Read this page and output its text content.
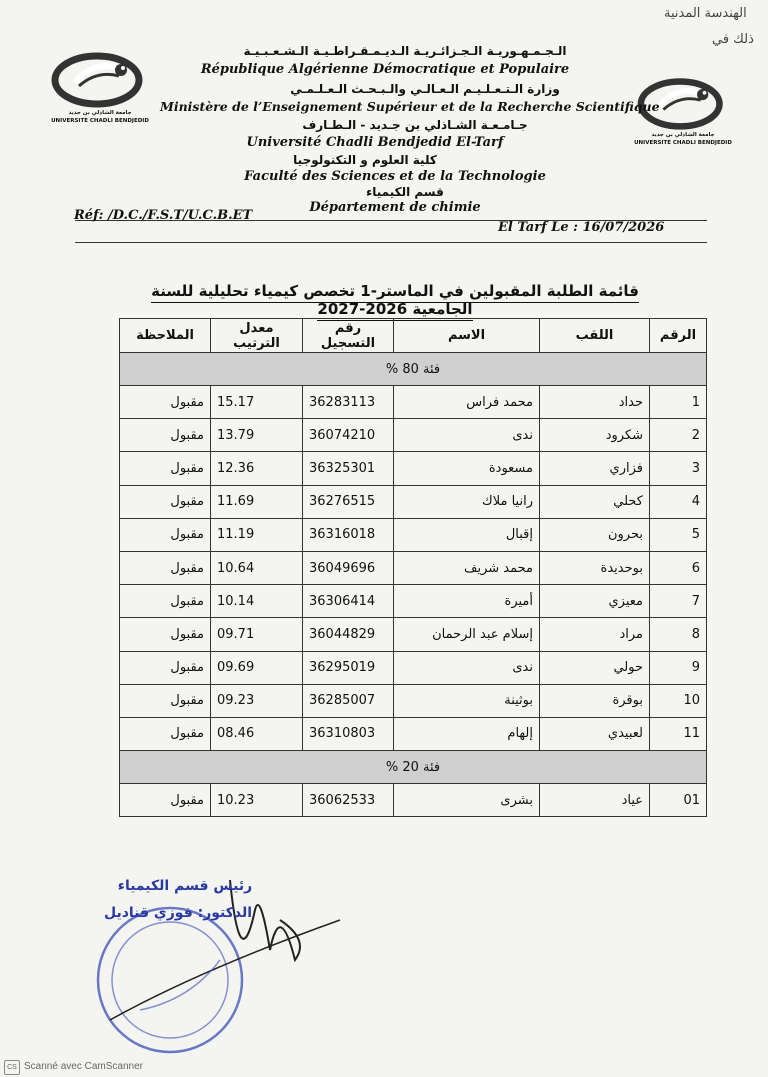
الهندسة المدنية
ذلك في
جامعة الشاذلي بن جديد
UNIVERSITE CHADLI BENDJEDID
جامعة الشاذلي بن جديد
UNIVERSITE CHADLI BENDJEDID
الـجـمـهـوريـة الـجـزائـريـة الـديـمـقـراطـيـة الـشـعـبـيـة
République Algérienne Démocratique et Populaire
وزارة الـتـعـلـيـم الـعـالـي والـبـحـث الـعـلـمـي
Ministère de l’Enseignement Supérieur et de la Recherche Scientifique
جـامـعـة الشـاذلي بن جـديد - الـطـارف
Université Chadli Bendjedid El-Tarf
كلية العلوم و التكنولوجيا
Faculté des Sciences et de la Technologie
قسم الكيمياء
Département de chimie
Réf: /D.C./F.S.T/U.C.B.ET
El Tarf Le : 16/07/2026
قائمة الطلبة المقبولين في الماستر-1 تخصص كيمياء تحليلية للسنة الجامعية 2026-2027
الرقم	اللقب	الاسم	رقم التسجيل	معدل الترتيب	الملاحظة
فئة 80 %					
1	حداد	محمد فراس	36283113	15.17	مقبول
2	شكرود	ندى	36074210	13.79	مقبول
3	فزاري	مسعودة	36325301	12.36	مقبول
4	كحلي	رانيا ملاك	36276515	11.69	مقبول
5	بحرون	إقبال	36316018	11.19	مقبول
6	بوحديدة	محمد شريف	36049696	10.64	مقبول
7	معيزي	أميرة	36306414	10.14	مقبول
8	مراد	إسلام عبد الرحمان	36044829	09.71	مقبول
9	حولي	ندى	36295019	09.69	مقبول
10	بوقرة	بوثينة	36285007	09.23	مقبول
11	لعبيدي	إلهام	36310803	08.46	مقبول
فئة 20 %					
01	عياد	بشرى	36062533	10.23	مقبول
رئيس قسم الكيمياء
الدكتور: فوزي قناديل
CS Scanné avec CamScanner
